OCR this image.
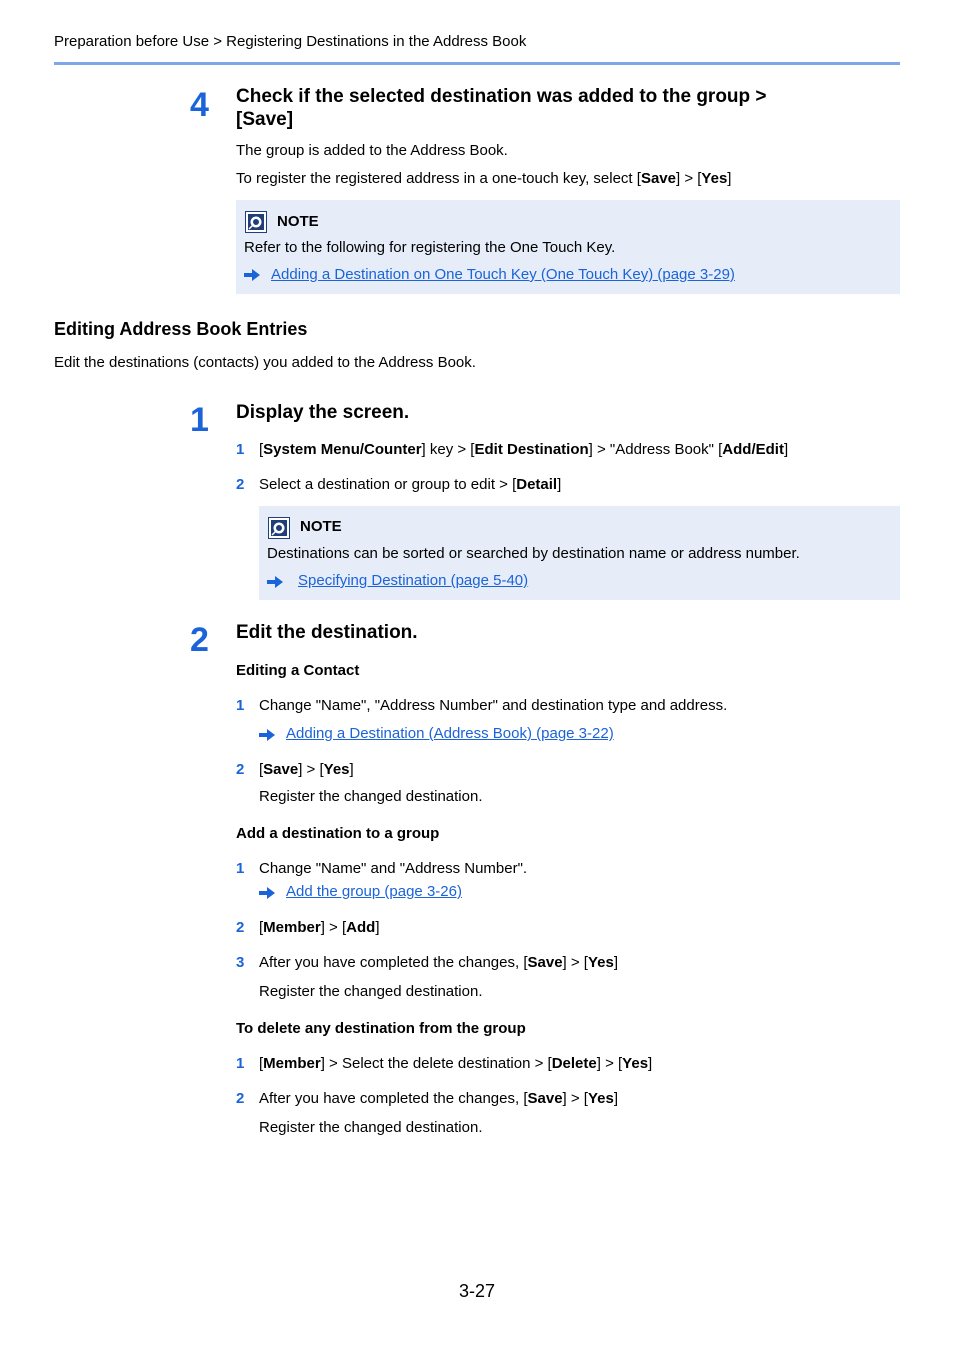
Preparation before Use > Registering Destinations in the Address Book
4 Check if the selected destination was added to the group >
[Save]
The group is added to the Address Book.
To register the registered address in a one-touch key, select [Save] > [Yes]
NOTE
Refer to the following for registering the One Touch Key.
Adding a Destination on One Touch Key (One Touch Key) (page 3-29)
Editing Address Book Entries
Edit the destinations (contacts) you added to the Address Book.
1 Display the screen.
1 [System Menu/Counter] key > [Edit Destination] > "Address Book" [Add/Edit]
2 Select a destination or group to edit > [Detail]
NOTE
Destinations can be sorted or searched by destination name or address number.
Specifying Destination (page 5-40)
2 Edit the destination.
Editing a Contact
1 Change "Name", "Address Number" and destination type and address.
Adding a Destination (Address Book) (page 3-22)
2 [Save] > [Yes]
Register the changed destination.
Add a destination to a group
1 Change "Name" and "Address Number".
Add the group (page 3-26)
2 [Member] > [Add]
3 After you have completed the changes, [Save] > [Yes]
Register the changed destination.
To delete any destination from the group
1 [Member] > Select the delete destination > [Delete] > [Yes]
2 After you have completed the changes, [Save] > [Yes]
Register the changed destination.
3-27
